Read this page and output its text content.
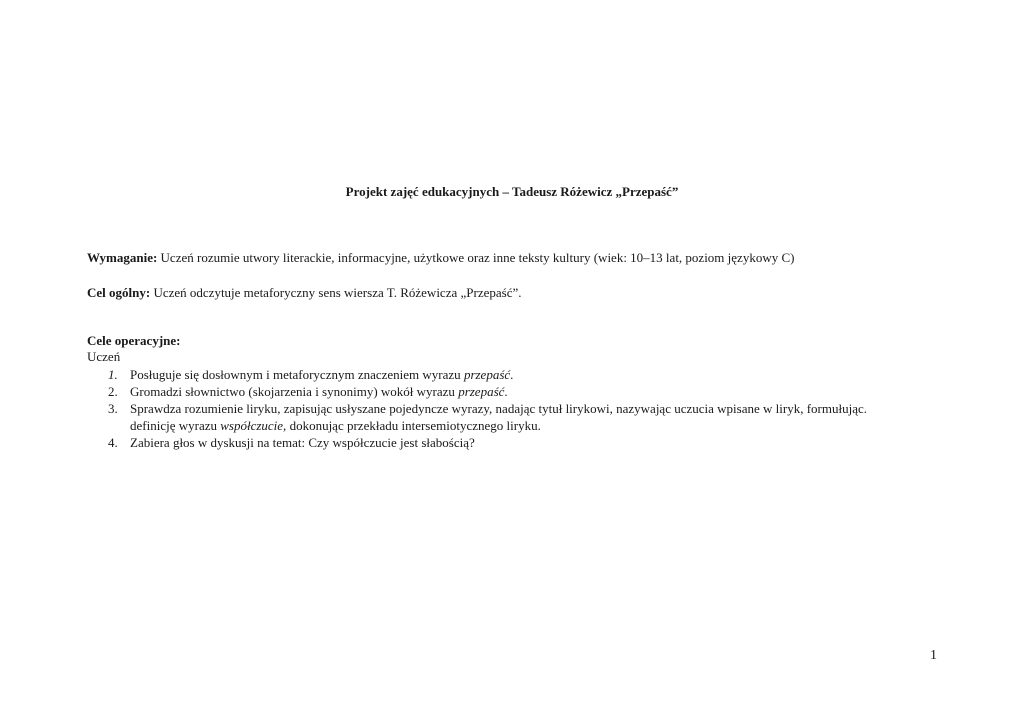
Projekt zajęć edukacyjnych – Tadeusz Różewicz „Przepaść”
Wymaganie: Uczeń rozumie utwory literackie, informacyjne, użytkowe oraz inne teksty kultury (wiek: 10–13 lat, poziom językowy C)
Cel ogólny: Uczeń odczytuje metaforyczny sens wiersza T. Różewicza „Przepaść”.
Cele operacyjne:
Uczeń
1. Posługuje się dosłownym i metaforycznym znaczeniem wyrazu przepaść.
2. Gromadzi słownictwo (skojarzenia i synonimy) wokół wyrazu przepaść.
3. Sprawdza rozumienie liryku, zapisując usłyszane pojedyncze wyrazy, nadając tytuł lirykowi, nazywając uczucia wpisane w liryk, formułując.
definicję wyrazu współczucie, dokonując przekładu intersemiotycznego liryku.
4. Zabiera głos w dyskusji na temat: Czy współczucie jest słabością?
1
